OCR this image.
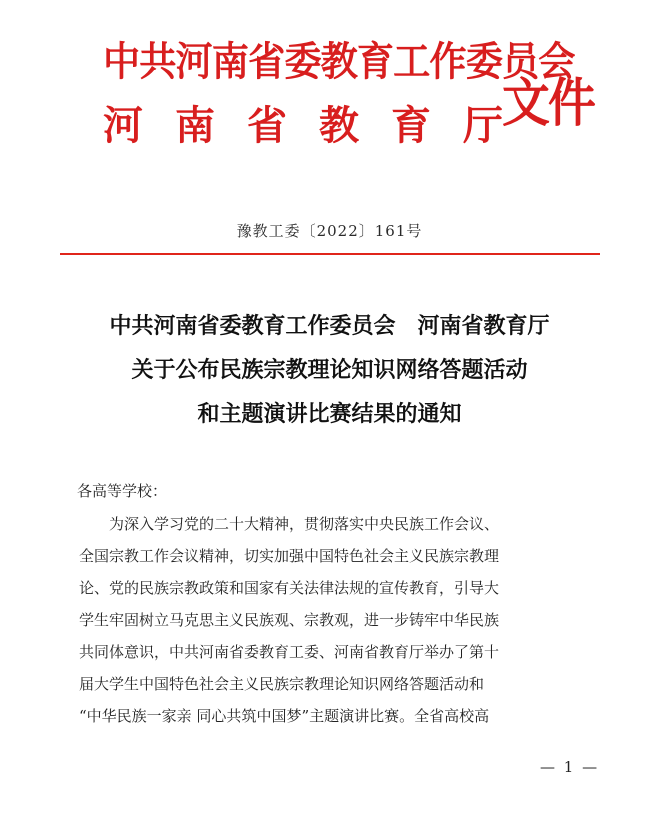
中共河南省委教育工作委员会
河 南 省 教 育 厅 文件
豫教工委〔2022〕161号
中共河南省委教育工作委员会　河南省教育厅
关于公布民族宗教理论知识网络答题活动
和主题演讲比赛结果的通知
各高等学校：
　　为深入学习党的二十大精神，贯彻落实中央民族工作会议、
全国宗教工作会议精神，切实加强中国特色社会主义民族宗教理
论、党的民族宗教政策和国家有关法律法规的宣传教育，引导大
学生牢固树立马克思主义民族观、宗教观，进一步铸牢中华民族
共同体意识，中共河南省委教育工委、河南省教育厅举办了第十
届大学生中国特色社会主义民族宗教理论知识网络答题活动和
“中华民族一家亲 同心共筑中国梦”主题演讲比赛。全省高校高
— 1 —
